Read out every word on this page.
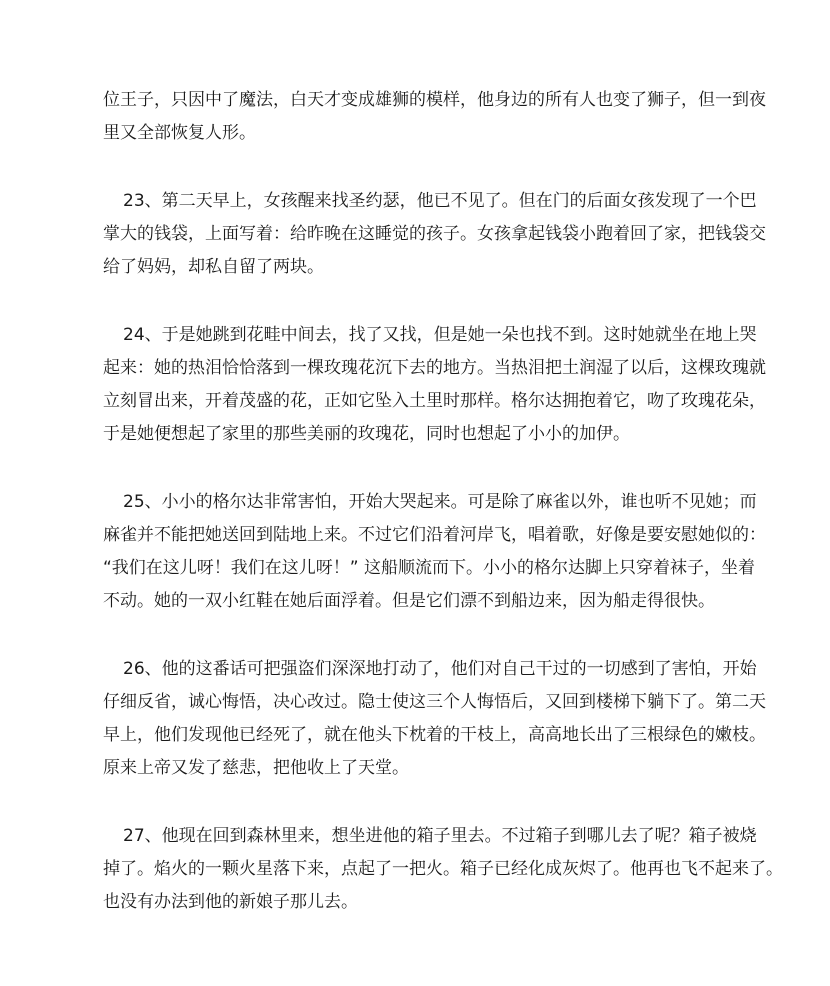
位王子，只因中了魔法，白天才变成雄狮的模样，他身边的所有人也变了狮子，但一到夜
里又全部恢复人形。
23、第二天早上，女孩醒来找圣约瑟，他已不见了。但在门的后面女孩发现了一个巴
掌大的钱袋，上面写着：给昨晚在这睡觉的孩子。女孩拿起钱袋小跑着回了家，把钱袋交
给了妈妈，却私自留了两块。
24、于是她跳到花畦中间去，找了又找，但是她一朵也找不到。这时她就坐在地上哭
起来：她的热泪恰恰落到一棵玫瑰花沉下去的地方。当热泪把土润湿了以后，这棵玫瑰就
立刻冒出来，开着茂盛的花，正如它坠入土里时那样。格尔达拥抱着它，吻了玫瑰花朵，
于是她便想起了家里的那些美丽的玫瑰花，同时也想起了小小的加伊。
25、小小的格尔达非常害怕，开始大哭起来。可是除了麻雀以外，谁也听不见她；而
麻雀并不能把她送回到陆地上来。不过它们沿着河岸飞，唱着歌，好像是要安慰她似的：
“我们在这儿呀！我们在这儿呀！” 这船顺流而下。小小的格尔达脚上只穿着袜子，坐着
不动。她的一双小红鞋在她后面浮着。但是它们漂不到船边来，因为船走得很快。
26、他的这番话可把强盗们深深地打动了，他们对自己干过的一切感到了害怕，开始
仔细反省，诚心悔悟，决心改过。隐士使这三个人悔悟后，又回到楼梯下躺下了。第二天
早上，他们发现他已经死了，就在他头下枕着的干枝上，高高地长出了三根绿色的嫩枝。
原来上帝又发了慈悲，把他收上了天堂。
27、他现在回到森林里来，想坐进他的箱子里去。不过箱子到哪儿去了呢？箱子被烧
掉了。焰火的一颗火星落下来，点起了一把火。箱子已经化成灰烬了。他再也飞不起来了。
也没有办法到他的新娘子那儿去。
